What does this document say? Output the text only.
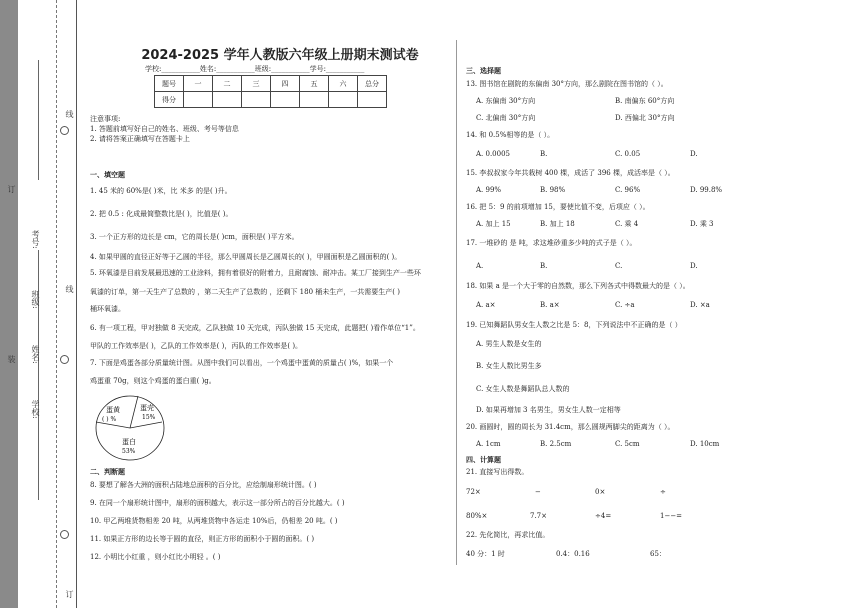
学校:
姓名:
班级:
考号:
线
线
订
装
订
2024-2025 学年人教版六年级上册期末测试卷
学校:___________姓名:___________班级:___________学号:___________
题号	一	二	三	四	五	六	总分
得分							
注意事项:
1. 答题前填写好自己的姓名、班级、考号等信息
2. 请将答案正确填写在答题卡上
一、填空题
1. 45 米的 60%是( )米，比 米多 的是( )升。
2. 把 0.5 : 化成最简整数比是( )，比值是( )。
3. 一个正方形的边长是 cm，它的周长是( )cm，面积是( )平方米。
4. 如果甲圆的直径正好等于乙圆的半径，那么甲圆周长是乙圆周长的( )，甲圆面积是乙圆面积的( )。
5. 环氧漆是目前发展最迅速的工业涂料，拥有着很好的附着力，且耐腐蚀、耐冲击。某工厂接到生产一些环
氧漆的订单，第一天生产了总数的 ，第二天生产了总数的 ，还剩下 180 桶未生产，一共需要生产( )
桶环氧漆。
6. 有一项工程，甲对独做 8 天完成，乙队独做 10 天完成，丙队独做 15 天完成，此题把( )看作单位“1”。
甲队的工作效率是( )，乙队的工作效率是( )，丙队的工作效率是( )。
7. 下面是鸡蛋各部分质量统计图。从图中我们可以看出，一个鸡蛋中蛋黄的质量占( )%，如果一个
鸡蛋重 70g，则这个鸡蛋的蛋白重( )g。
蛋黄
( ) %
蛋壳
15%
蛋白
53%
二、判断题
8. 要想了解各大洲的面积占陆地总面积的百分比，应绘制扇形统计图。( )
9. 在同一个扇形统计图中，扇形的面积越大，表示这一部分所占的百分比越大。( )
10. 甲乙两堆货物相差 20 吨，从两堆货物中各运走 10%后，仍相差 20 吨。( )
11. 如果正方形的边长等于圆的直径，则正方形的面积小于圆的面积。( )
12. 小明比小红重 ，则小红比小明轻 。( )
三、选择题
13. 图书馆在剧院的东偏南 30°方向，那么剧院在图书馆的（ ）。
A. 东偏南 30°方向	B. 南偏东 60°方向
C. 北偏南 30°方向	D. 西偏北 30°方向
14. 和 0.5%相等的是（ ）。
A. 0.0005	B.	C. 0.05	D.
15. 李叔叔家今年共栽树 400 棵，成活了 396 棵，成活率是（ ）。
A. 99%	B. 98%	C. 96%	D. 99.8%
16. 把 5：9 的前项增加 15，要使比值不变，后项应（ ）。
A. 加上 15	B. 加上 18	C. 乘 4	D. 乘 3
17. 一堆砂的 是 吨，求这堆砂重多少吨的式子是（ ）。
A.	B.	C.	D.
18. 如果 a 是一个大于零的自然数，那么下列各式中得数最大的是（ ）。
A. a×	B. a×	C. ÷a	D. ×a
19. 已知舞蹈队男女生人数之比是 5：8，下列说法中不正确的是（ ）
A. 男生人数是女生的
B. 女生人数比男生多
C. 女生人数是舞蹈队总人数的
D. 如果再增加 3 名男生，男女生人数一定相等
20. 画圆时，圆的周长为 31.4cm，那么圆规两脚尖的距离为（ ）。
A. 1cm	B. 2.5cm	C. 5cm	D. 10cm
四、计算题
21. 直接写出得数。
72×	−	0×	÷
80%×	7.7×	÷4=	1−−=
22. 先化简比，再求比值。
40 分：1 时	0.4：0.16	65：
